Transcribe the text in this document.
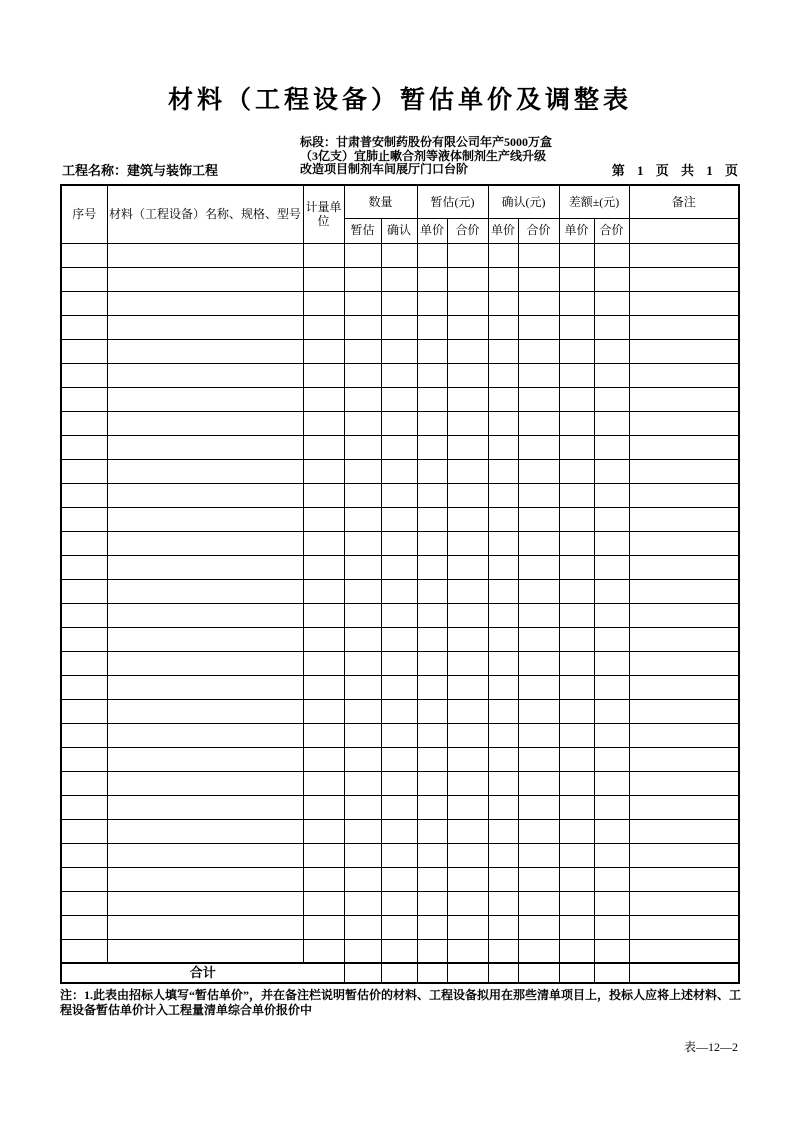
材料（工程设备）暂估单价及调整表
标段：甘肃普安制药股份有限公司年产5000万盒
（3亿支）宜肺止嗽合剂等液体制剂生产线升级
改造项目制剂车间展厅门口台阶
工程名称：建筑与装饰工程	第 1 页 共 1 页
序号	材料（工程设备）名称、规格、型号	计量单位	数量		暂估(元)		确认(元)		差额±(元)		备注
			暂估	确认	单价	合价	单价	合价	单价	合价	

合计											
注：1.此表由招标人填写“暂估单价”，并在备注栏说明暂估价的材料、工程设备拟用在那些清单项目上，投标人应将上述材料、工程设备暂估单价计入工程量清单综合单价报价中
表—12—2
